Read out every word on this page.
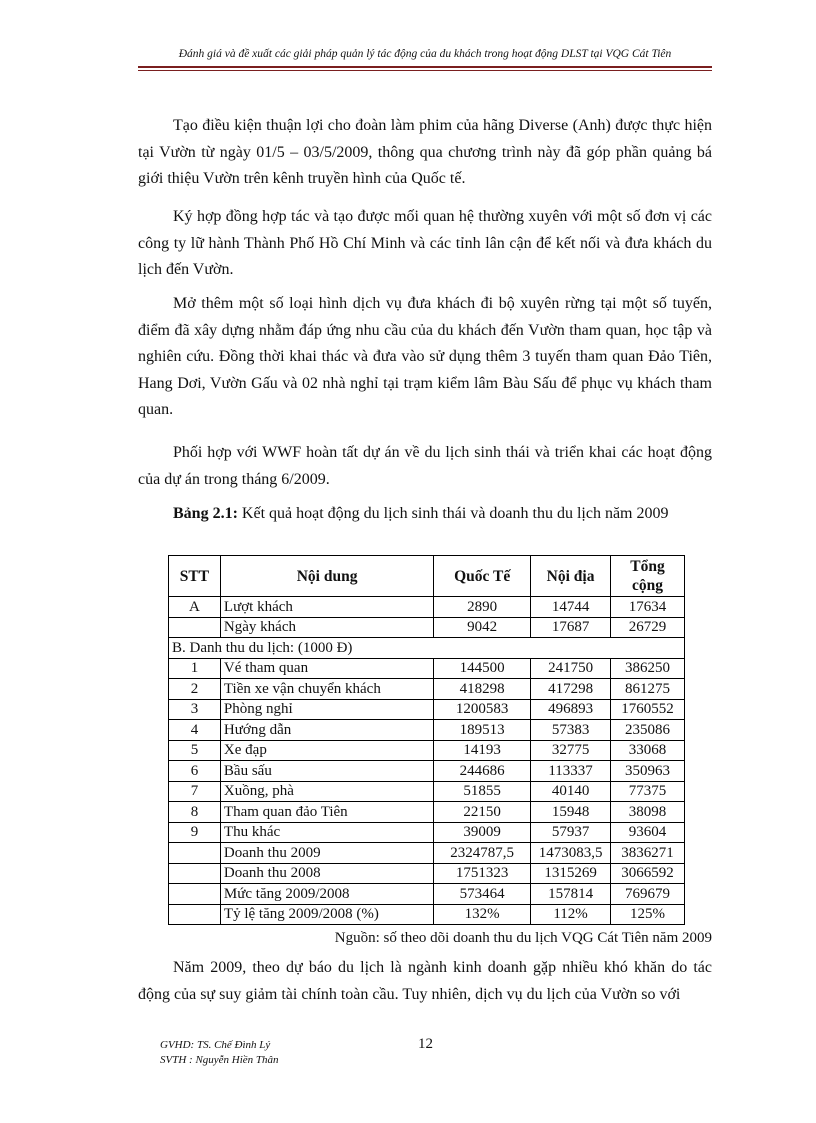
Đánh giá và đề xuất các giải pháp quản lý tác động của du khách trong hoạt động DLST tại VQG Cát Tiên

Tạo điều kiện thuận lợi cho đoàn làm phim của hãng Diverse (Anh) được thực hiện tại Vườn từ ngày 01/5 – 03/5/2009, thông qua chương trình này đã góp phần quảng bá giới thiệu Vườn trên kênh truyền hình của Quốc tế.

Ký hợp đồng hợp tác và tạo được mối quan hệ thường xuyên với một số đơn vị các công ty lữ hành Thành Phố Hồ Chí Minh và các tỉnh lân cận để kết nối và đưa khách du lịch đến Vườn.

Mở thêm một số loại hình dịch vụ đưa khách đi bộ xuyên rừng tại một số tuyến, điểm đã xây dựng nhằm đáp ứng nhu cầu của du khách đến Vườn tham quan, học tập và nghiên cứu. Đồng thời khai thác và đưa vào sử dụng thêm 3 tuyến tham quan Đảo Tiên, Hang Dơi, Vườn Gấu và 02 nhà nghỉ tại trạm kiểm lâm Bàu Sấu để phục vụ khách tham quan.

Phối hợp với WWF hoàn tất dự án về du lịch sinh thái và triển khai các hoạt động của dự án trong tháng 6/2009.

Bảng 2.1: Kết quả hoạt động du lịch sinh thái và doanh thu du lịch năm 2009
STT	Nội dung	Quốc Tế	Nội địa	Tổng cộng
A	Lượt khách	2890	14744	17634
	Ngày khách	9042	17687	26729
B. Danh thu du lịch: (1000 Đ)				
1	Vé tham quan	144500	241750	386250
2	Tiền xe vận chuyển khách	418298	417298	861275
3	Phòng nghỉ	1200583	496893	1760552
4	Hướng dẫn	189513	57383	235086
5	Xe đạp	14193	32775	33068
6	Bầu sấu	244686	113337	350963
7	Xuồng, phà	51855	40140	77375
8	Tham quan đảo Tiên	22150	15948	38098
9	Thu khác	39009	57937	93604
	Doanh thu 2009	2324787,5	1473083,5	3836271
	Doanh thu 2008	1751323	1315269	3066592
	Mức tăng 2009/2008	573464	157814	769679
	Tỷ lệ tăng 2009/2008 (%)	132%	112%	125%
Nguồn: số theo dõi doanh thu du lịch VQG Cát Tiên năm 2009

Năm 2009, theo dự báo du lịch là ngành kinh doanh gặp nhiều khó khăn do tác động của sự suy giảm tài chính toàn cầu. Tuy nhiên, dịch vụ du lịch của Vườn so với

GVHD: TS. Chế Đình Lý
SVTH : Nguyễn Hiền Thân
12
